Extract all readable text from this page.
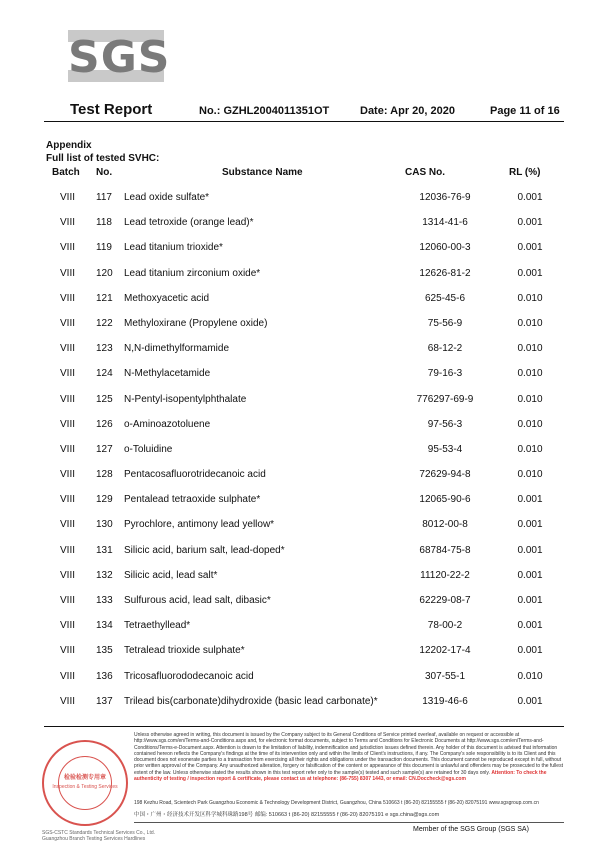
SGS
Test Report	No.: GZHL2004011351OT	Date: Apr 20, 2020	Page 11 of 16
Appendix
Full list of tested SVHC:
Batch No.	Substance Name	CAS No.	RL (%)
VIII 117 Lead oxide sulfate*	12036-76-9	0.001
VIII 118 Lead tetroxide (orange lead)*	1314-41-6	0.001
VIII 119 Lead titanium trioxide*	12060-00-3	0.001
VIII 120 Lead titanium zirconium oxide*	12626-81-2	0.001
VIII 121 Methoxyacetic acid	625-45-6	0.010
VIII 122 Methyloxirane (Propylene oxide)	75-56-9	0.010
VIII 123 N,N-dimethylformamide	68-12-2	0.010
VIII 124 N-Methylacetamide	79-16-3	0.010
VIII 125 N-Pentyl-isopentylphthalate	776297-69-9	0.010
VIII 126 o-Aminoazotoluene	97-56-3	0.010
VIII 127 o-Toluidine	95-53-4	0.010
VIII 128 Pentacosafluorotridecanoic acid	72629-94-8	0.010
VIII 129 Pentalead tetraoxide sulphate*	12065-90-6	0.001
VIII 130 Pyrochlore, antimony lead yellow*	8012-00-8	0.001
VIII 131 Silicic acid, barium salt, lead-doped*	68784-75-8	0.001
VIII 132 Silicic acid, lead salt*	11120-22-2	0.001
VIII 133 Sulfurous acid, lead salt, dibasic*	62229-08-7	0.001
VIII 134 Tetraethyllead*	78-00-2	0.001
VIII 135 Tetralead trioxide sulphate*	12202-17-4	0.001
VIII 136 Tricosafluorododecanoic acid	307-55-1	0.010
VIII 137 Trilead bis(carbonate)dihydroxide (basic lead carbonate)*	1319-46-6	0.001
检验检测专用章
Inspection & Testing Services
Unless otherwise agreed in writing, this document is issued by the Company subject to its General Conditions of Service printed overleaf, available on request or accessible at http://www.sgs.com/en/Terms-and-Conditions.aspx and, for electronic format documents, subject to Terms and Conditions for Electronic Documents at http://www.sgs.com/en/Terms-and-Conditions/Terms-e-Document.aspx. Attention is drawn to the limitation of liability, indemnification and jurisdiction issues defined therein. Any holder of this document is advised that information contained hereon reflects the Company's findings at the time of its intervention only and within the limits of Client's instructions, if any. The Company's sole responsibility is to its Client and this document does not exonerate parties to a transaction from exercising all their rights and obligations under the transaction documents. This document cannot be reproduced except in full, without prior written approval of the Company. Any unauthorized alteration, forgery or falsification of the content or appearance of this document is unlawful and offenders may be prosecuted to the fullest extent of the law. Unless otherwise stated the results shown in this test report refer only to the sample(s) tested and such sample(s) are retained for 30 days only. Attention: To check the authenticity of testing / inspection report & certificate, please contact us at telephone: (86-755) 8307 1443, or email: CN.Doccheck@sgs.com
198 Kezhu Road, Scientech Park Guangzhou Economic & Technology Development District, Guangzhou, China 510663 t (86-20) 82155555 f (86-20) 82075191 www.sgsgroup.com.cn
中国・广州・经济技术开发区科学城科珠路198号 邮编: 510663 t (86-20) 82155555 f (86-20) 82075191 e sgs.china@sgs.com
Member of the SGS Group (SGS SA)
SGS-CSTC Standards Technical Services Co., Ltd.
Guangzhou Branch Testing Services Hardlines
